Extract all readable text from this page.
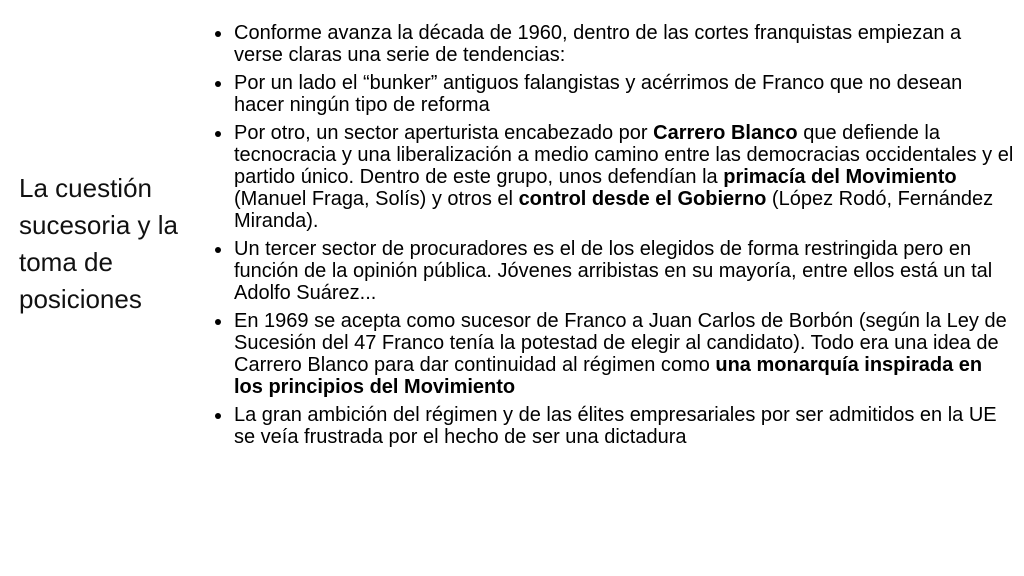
La cuestión sucesoria y la toma de posiciones
Conforme avanza la década de 1960, dentro de las cortes franquistas empiezan a verse claras una serie de tendencias:
Por un lado el “bunker” antiguos falangistas y acérrimos de Franco que no desean hacer ningún tipo de reforma
Por otro, un sector aperturista encabezado por Carrero Blanco que defiende la tecnocracia y una liberalización a medio camino entre las democracias occidentales y el partido único. Dentro de este grupo, unos defendían la primacía del Movimiento (Manuel Fraga, Solís) y otros el control desde el Gobierno (López Rodó, Fernández Miranda).
Un tercer sector de procuradores es el de los elegidos de forma restringida pero en función de la opinión pública. Jóvenes arribistas en su mayoría, entre ellos está un tal Adolfo Suárez...
En 1969 se acepta como sucesor de Franco a Juan Carlos de Borbón (según la Ley de Sucesión del 47 Franco tenía la potestad de elegir al candidato). Todo era una idea de Carrero Blanco para dar continuidad al régimen como una monarquía inspirada en los principios del Movimiento
La gran ambición del régimen y de las élites empresariales por ser admitidos en la UE se veía frustrada por el hecho de ser una dictadura
